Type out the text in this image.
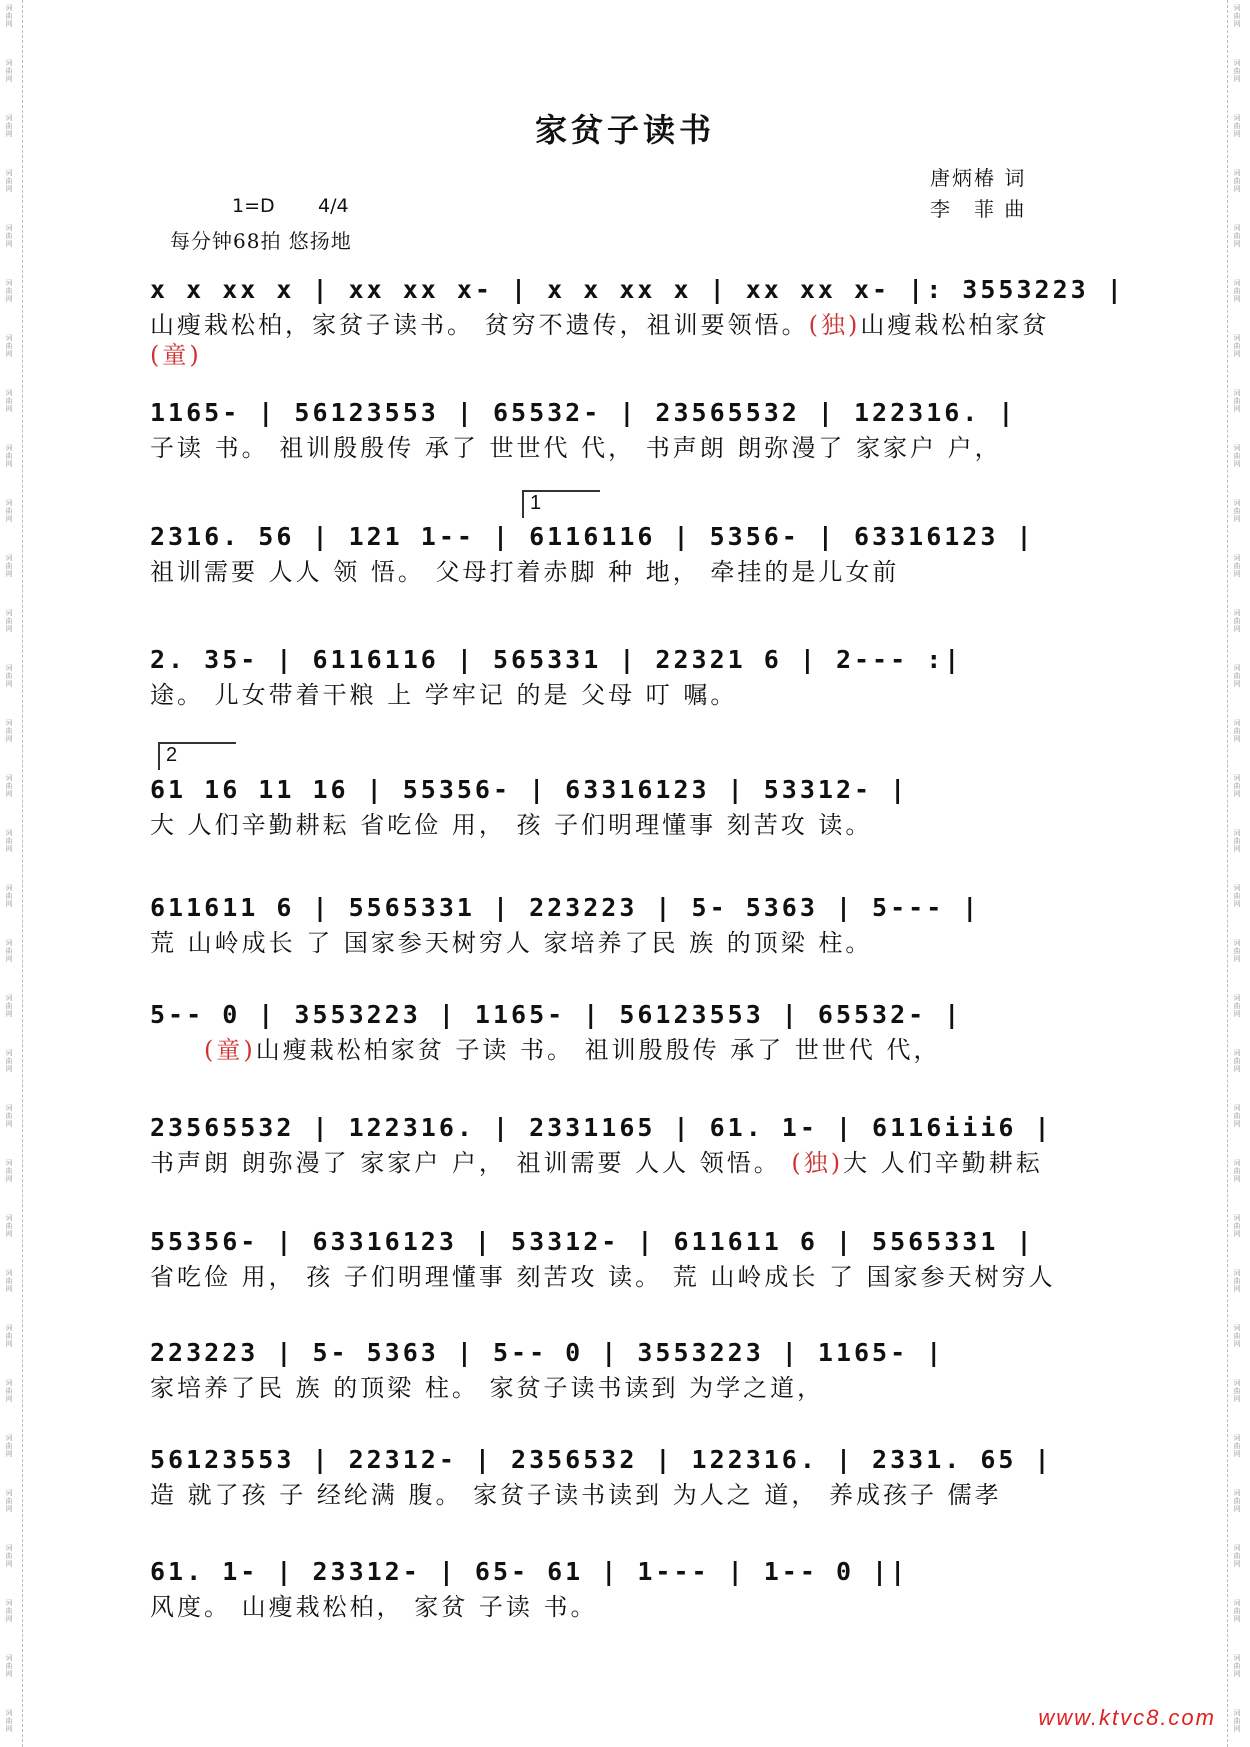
词曲网
词曲网
词曲网
词曲网
词曲网
词曲网
词曲网
词曲网
词曲网
词曲网
词曲网
词曲网
词曲网
词曲网
词曲网
词曲网
词曲网
词曲网
词曲网
词曲网
词曲网
词曲网
词曲网
词曲网
词曲网
词曲网
词曲网
词曲网
词曲网
词曲网
词曲网
词曲网
词曲网
词曲网
词曲网
词曲网
词曲网
词曲网
词曲网
词曲网
词曲网
词曲网
词曲网
词曲网
词曲网
词曲网
词曲网
词曲网
词曲网
词曲网
词曲网
词曲网
词曲网
词曲网
词曲网
词曲网
词曲网
词曲网
词曲网
词曲网
词曲网
词曲网
词曲网
词曲网
家贫子读书
唐炳椿 词
李　菲 曲
1=D 4/4
每分钟68拍 悠扬地
1
2
x x xx x | xx xx x- | x x xx x | xx xx x- |: 3553223 |
山瘦栽松柏，家贫子读书。 贫穷不遗传，祖训要领悟。(独)山瘦栽松柏家贫
(童)
1165- | 56123553 | 65532- | 23565532 | 122316. |
子读 书。 祖训殷殷传 承了 世世代 代， 书声朗 朗弥漫了 家家户 户，
2316. 56 | 121 1-- | 6116116 | 5356- | 63316123 |
祖训需要 人人 领 悟。 父母打着赤脚 种 地， 牵挂的是儿女前
2. 35- | 6116116 | 565331 | 22321 6 | 2--- :|
途。 儿女带着干粮 上 学牢记 的是 父母 叮 嘱。
61 16 11 16 | 55356- | 63316123 | 53312- |
大 人们辛勤耕耘 省吃俭 用， 孩 子们明理懂事 刻苦攻 读。
611611 6 | 5565331 | 223223 | 5- 5363 | 5--- |
荒 山岭成长 了 国家参天树穷人 家培养了民 族 的顶梁 柱。
5-- 0 | 3553223 | 1165- | 56123553 | 65532- |
　　(童)山瘦栽松柏家贫 子读 书。 祖训殷殷传 承了 世世代 代，
23565532 | 122316. | 2331165 | 61. 1- | 6116iii6 |
书声朗 朗弥漫了 家家户 户， 祖训需要 人人 领悟。 (独)大 人们辛勤耕耘
55356- | 63316123 | 53312- | 611611 6 | 5565331 |
省吃俭 用， 孩 子们明理懂事 刻苦攻 读。 荒 山岭成长 了 国家参天树穷人
223223 | 5- 5363 | 5-- 0 | 3553223 | 1165- |
家培养了民 族 的顶梁 柱。 家贫子读书读到 为学之道，
56123553 | 22312- | 2356532 | 122316. | 2331. 65 |
造 就了孩 子 经纶满 腹。 家贫子读书读到 为人之 道， 养成孩子 儒孝
61. 1- | 23312- | 65- 61 | 1--- | 1-- 0 ||
风度。 山瘦栽松柏， 家贫 子读 书。
www.ktvc8.com
